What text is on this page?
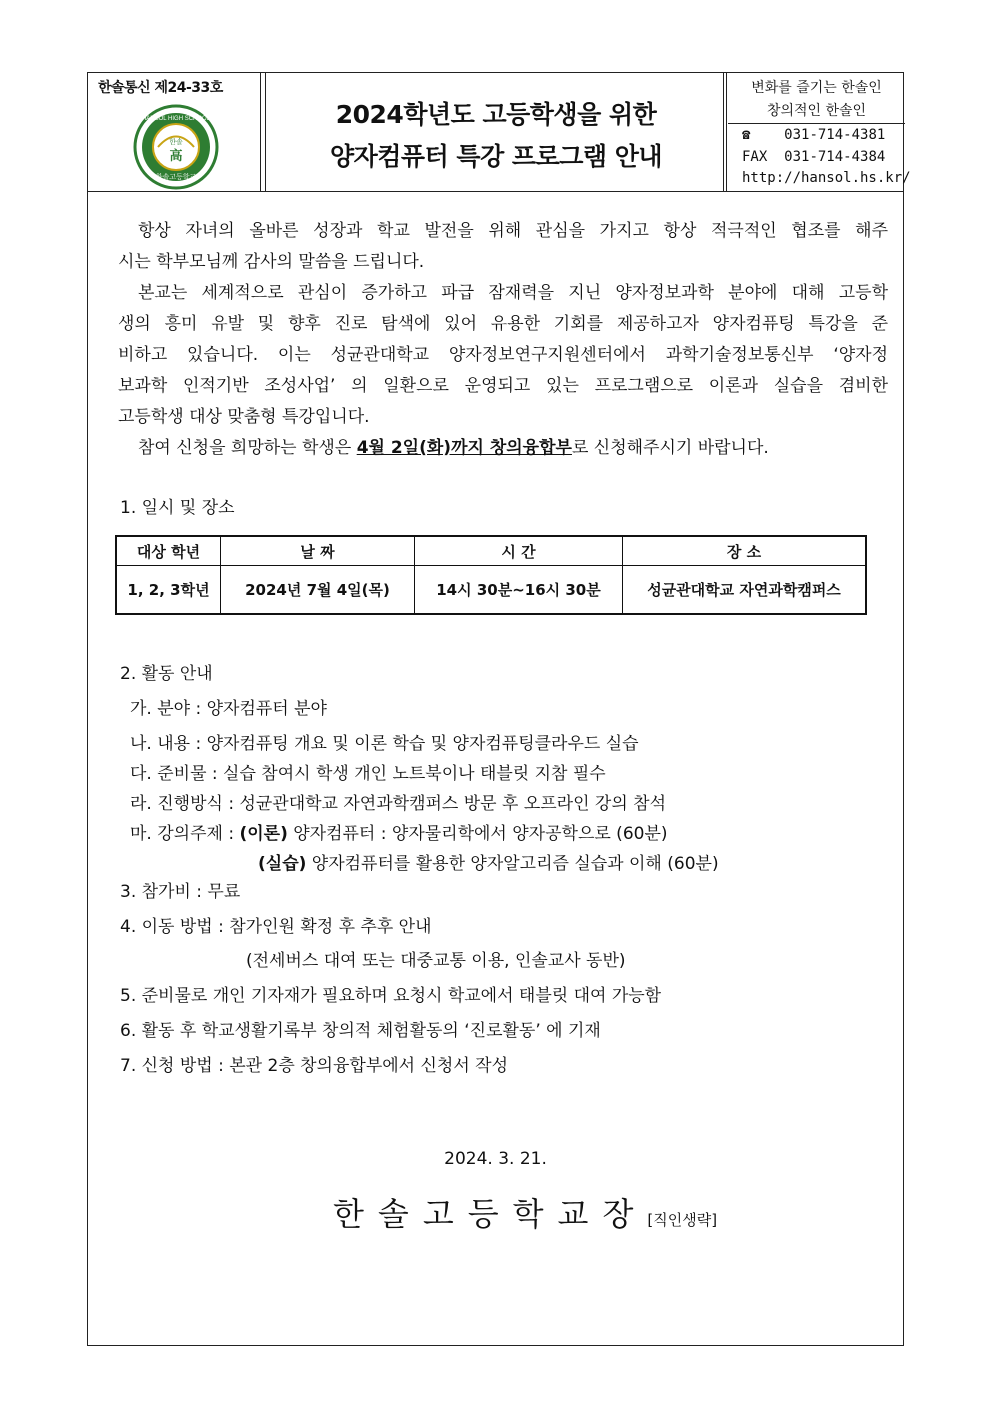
한솔통신 제24-33호
HANSOL HIGH SCHOOL
한솔고등학교
한솔
高
2024학년도 고등학생을 위한
양자컴퓨터 특강 프로그램 안내
변화를 즐기는 한솔인
창의적인 한솔인
☎ 031-714-4381
FAX 031-714-4384
http://hansol.hs.kr/
항상 자녀의 올바른 성장과 학교 발전을 위해 관심을 가지고 항상 적극적인 협조를 해주
시는 학부모님께 감사의 말씀을 드립니다.
본교는 세계적으로 관심이 증가하고 파급 잠재력을 지닌 양자정보과학 분야에 대해 고등학
생의 흥미 유발 및 향후 진로 탐색에 있어 유용한 기회를 제공하고자 양자컴퓨팅 특강을 준
비하고 있습니다. 이는 성균관대학교 양자정보연구지원센터에서 과학기술정보통신부 ‘양자정
보과학 인적기반 조성사업’ 의 일환으로 운영되고 있는 프로그램으로 이론과 실습을 겸비한
고등학생 대상 맞춤형 특강입니다.
참여 신청을 희망하는 학생은 4월 2일(화)까지 창의융합부로 신청해주시기 바랍니다.
1. 일시 및 장소
대상 학년	날 짜	시 간	장 소
1, 2, 3학년	2024년 7월 4일(목)	14시 30분~16시 30분	성균관대학교 자연과학캠퍼스
2. 활동 안내
가. 분야 : 양자컴퓨터 분야
나. 내용 : 양자컴퓨팅 개요 및 이론 학습 및 양자컴퓨팅클라우드 실습
다. 준비물 : 실습 참여시 학생 개인 노트북이나 태블릿 지참 필수
라. 진행방식 : 성균관대학교 자연과학캠퍼스 방문 후 오프라인 강의 참석
마. 강의주제 : (이론) 양자컴퓨터 : 양자물리학에서 양자공학으로 (60분)
(실습) 양자컴퓨터를 활용한 양자알고리즘 실습과 이해 (60분)
3. 참가비 : 무료
4. 이동 방법 : 참가인원 확정 후 추후 안내
(전세버스 대여 또는 대중교통 이용, 인솔교사 동반)
5. 준비물로 개인 기자재가 필요하며 요청시 학교에서 태블릿 대여 가능함
6. 활동 후 학교생활기록부 창의적 체험활동의 ‘진로활동’ 에 기재
7. 신청 방법 : 본관 2층 창의융합부에서 신청서 작성
2024. 3. 21.
한솔고등학교장[직인생략]
